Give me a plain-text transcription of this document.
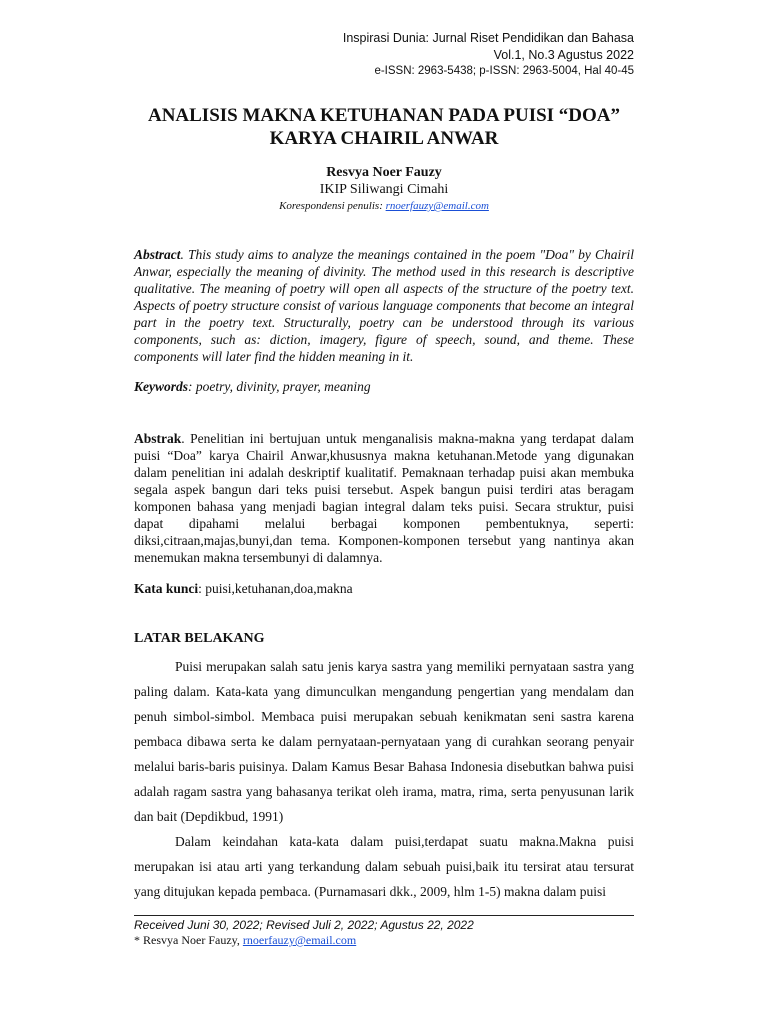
Inspirasi Dunia: Jurnal Riset Pendidikan dan Bahasa
Vol.1, No.3 Agustus 2022
e-ISSN: 2963-5438; p-ISSN: 2963-5004, Hal 40-45
ANALISIS MAKNA KETUHANAN PADA PUISI “DOA”
KARYA CHAIRIL ANWAR
Resvya Noer Fauzy
IKIP Siliwangi Cimahi
Korespondensi penulis: rnoerfauzy@email.com
Abstract. This study aims to analyze the meanings contained in the poem "Doa" by Chairil Anwar, especially the meaning of divinity. The method used in this research is descriptive qualitative. The meaning of poetry will open all aspects of the structure of the poetry text. Aspects of poetry structure consist of various language components that become an integral part in the poetry text. Structurally, poetry can be understood through its various components, such as: diction, imagery, figure of speech, sound, and theme. These components will later find the hidden meaning in it.
Keywords: poetry, divinity, prayer, meaning
Abstrak. Penelitian ini bertujuan untuk menganalisis makna-makna yang terdapat dalam puisi “Doa” karya Chairil Anwar,khususnya makna ketuhanan.Metode yang digunakan dalam penelitian ini adalah deskriptif kualitatif. Pemaknaan terhadap puisi akan membuka segala aspek bangun dari teks puisi tersebut. Aspek bangun puisi terdiri atas beragam komponen bahasa yang menjadi bagian integral dalam teks puisi. Secara struktur, puisi dapat dipahami melalui berbagai komponen pembentuknya, seperti: diksi,citraan,majas,bunyi,dan tema. Komponen-komponen tersebut yang nantinya akan menemukan makna tersembunyi di dalamnya.
Kata kunci: puisi,ketuhanan,doa,makna
LATAR BELAKANG

Puisi merupakan salah satu jenis karya sastra yang memiliki pernyataan sastra yang paling dalam. Kata-kata yang dimunculkan mengandung pengertian yang mendalam dan penuh simbol-simbol. Membaca puisi merupakan sebuah kenikmatan seni sastra karena pembaca dibawa serta ke dalam pernyataan-pernyataan yang di curahkan seorang penyair melalui baris-baris puisinya. Dalam Kamus Besar Bahasa Indonesia disebutkan bahwa puisi adalah ragam sastra yang bahasanya terikat oleh irama, matra, rima, serta penyusunan larik dan bait (Depdikbud, 1991)

Dalam keindahan kata-kata dalam puisi,terdapat suatu makna.Makna puisi merupakan isi atau arti yang terkandung dalam sebuah puisi,baik itu tersirat atau tersurat yang ditujukan kepada pembaca. (Purnamasari dkk., 2009, hlm 1-5) makna dalam puisi

Received Juni 30, 2022; Revised Juli 2, 2022; Agustus 22, 2022
* Resvya Noer Fauzy, rnoerfauzy@email.com
